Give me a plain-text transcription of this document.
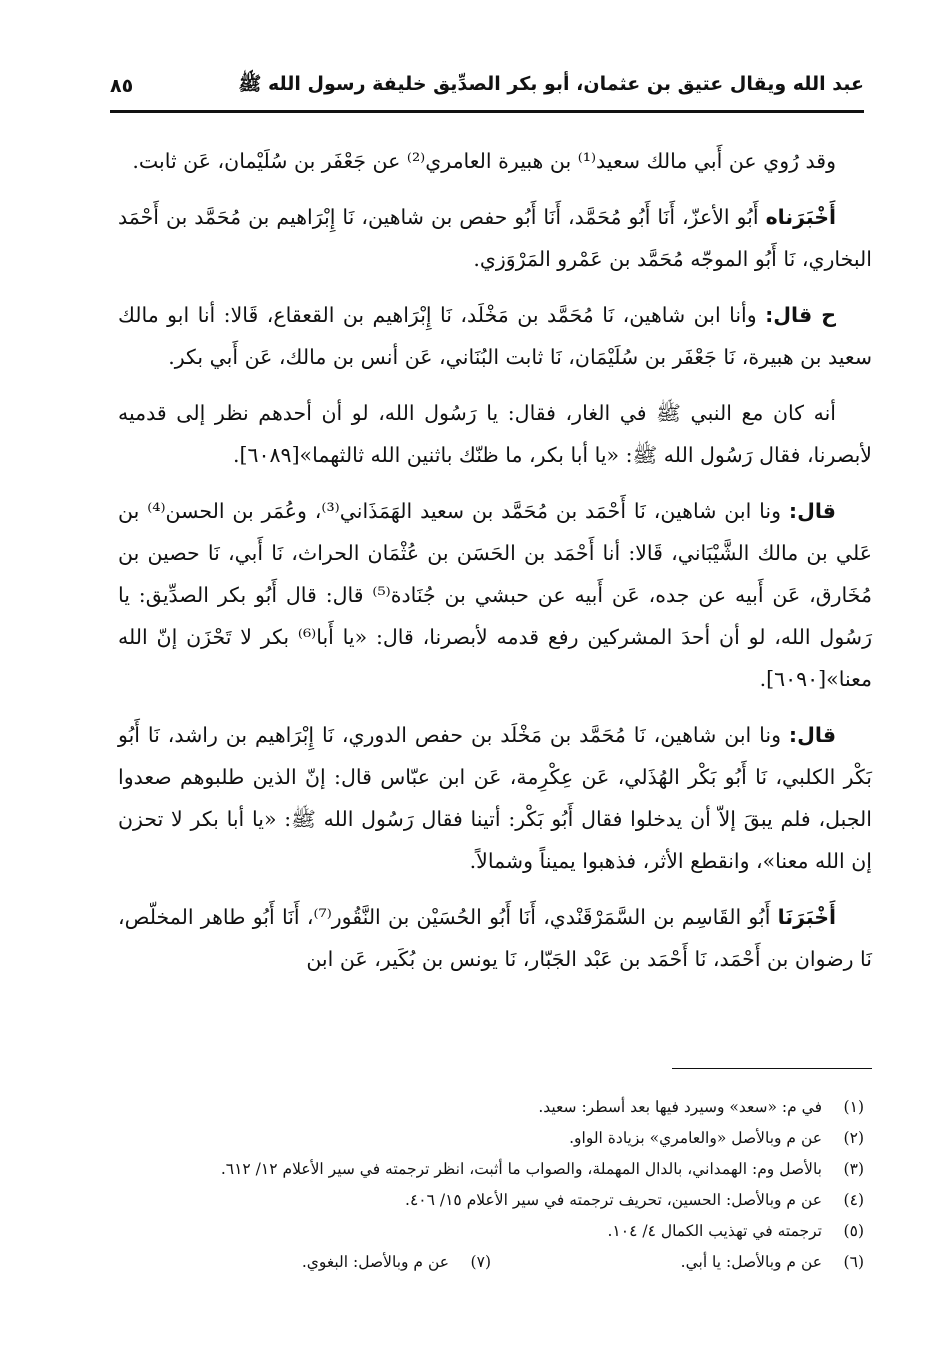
عبد الله ويقال عتيق بن عثمان، أبو بكر الصدِّيق خليفة رسول الله ﷺ
٨٥

وقد رُوي عن أَبي مالك سعيد⁽¹⁾ بن هبيرة العامري⁽²⁾ عن جَعْفَر بن سُلَيْمان، عَن ثابت.

أَخْبَرَناه أَبُو الأعزّ، أَنَا أَبُو مُحَمَّد، أَنَا أَبُو حفص بن شاهين، نَا إِبْرَاهيم بن مُحَمَّد بن أَحْمَد البخاري، نَا أَبُو الموجّه مُحَمَّد بن عَمْرو المَرْوَزي.

ح قال: وأنا ابن شاهين، نَا مُحَمَّد بن مَخْلَد، نَا إِبْرَاهيم بن القعقاع، قَالا: أنا ابو مالك سعيد بن هبيرة، نَا جَعْفَر بن سُلَيْمَان، نَا ثابت البُنَاني، عَن أنس بن مالك، عَن أَبي بكر.

أنه كان مع النبي ﷺ في الغار، فقال: يا رَسُول الله، لو أن أحدهم نظر إلى قدميه لأبصرنا، فقال رَسُول الله ﷺ: «يا أبا بكر، ما ظنّك باثنين الله ثالثهما»[٦٠٨٩].

قال: ونا ابن شاهين، نَا أَحْمَد بن مُحَمَّد بن سعيد الهَمَذَاني⁽³⁾، وعُمَر بن الحسن⁽⁴⁾ بن عَلي بن مالك الشَّيْبَاني، قَالا: أنا أَحْمَد بن الحَسَن بن عُثْمَان الحراث، نَا أَبي، نَا حصين بن مُخَارق، عَن أَبيه عن جده، عَن أَبيه عن حبشي بن جُنَادة⁽⁵⁾ قال: قال أَبُو بكر الصدِّيق: يا رَسُول الله، لو أن أحدَ المشركين رفع قدمه لأبصرنا، قال: «يا أَبا⁽⁶⁾ بكر لا تَحْزَن إنّ الله معنا»[٦٠٩٠].

قال: ونا ابن شاهين، نَا مُحَمَّد بن مَخْلَد بن حفص الدوري، نَا إِبْرَاهيم بن راشد، نَا أَبُو بَكْر الكلبي، نَا أَبُو بَكْر الهُذَلي، عَن عِكْرِمة، عَن ابن عبّاس قال: إنّ الذين طلبوهم صعدوا الجبل، فلم يبقَ إلاّ أن يدخلوا فقال أَبُو بَكْر: أتينا فقال رَسُول الله ﷺ: «يا أبا بكر لا تحزن إن الله معنا»، وانقطع الأثر، فذهبوا يميناً وشمالاً.

أَخْبَرَنَا أَبُو القَاسِم بن السَّمَرْقَنْدي، أَنَا أَبُو الحُسَيْن بن النَّقُور⁽⁷⁾، أَنَا أَبُو طاهر المخلّص، نَا رضوان بن أَحْمَد، نَا أَحْمَد بن عَبْد الجَبّار، نَا يونس بن بُكَير، عَن ابن

(١)
في م: «سعد» وسيرد فيها بعد أسطر: سعيد.
(٢)
عن م وبالأصل «والعامري» بزيادة الواو.
(٣)
بالأصل وم: الهمداني، بالدال المهملة، والصواب ما أثبت، انظر ترجمته في سير الأعلام ١٢/ ٦١٢.
(٤)
عن م وبالأصل: الحسين، تحريف ترجمته في سير الأعلام ١٥/ ٤٠٦.
(٥)
ترجمته في تهذيب الكمال ٤/ ١٠٤.
(٦)
عن م وبالأصل: يا أبي.
(٧)
عن م وبالأصل: البغوي.
